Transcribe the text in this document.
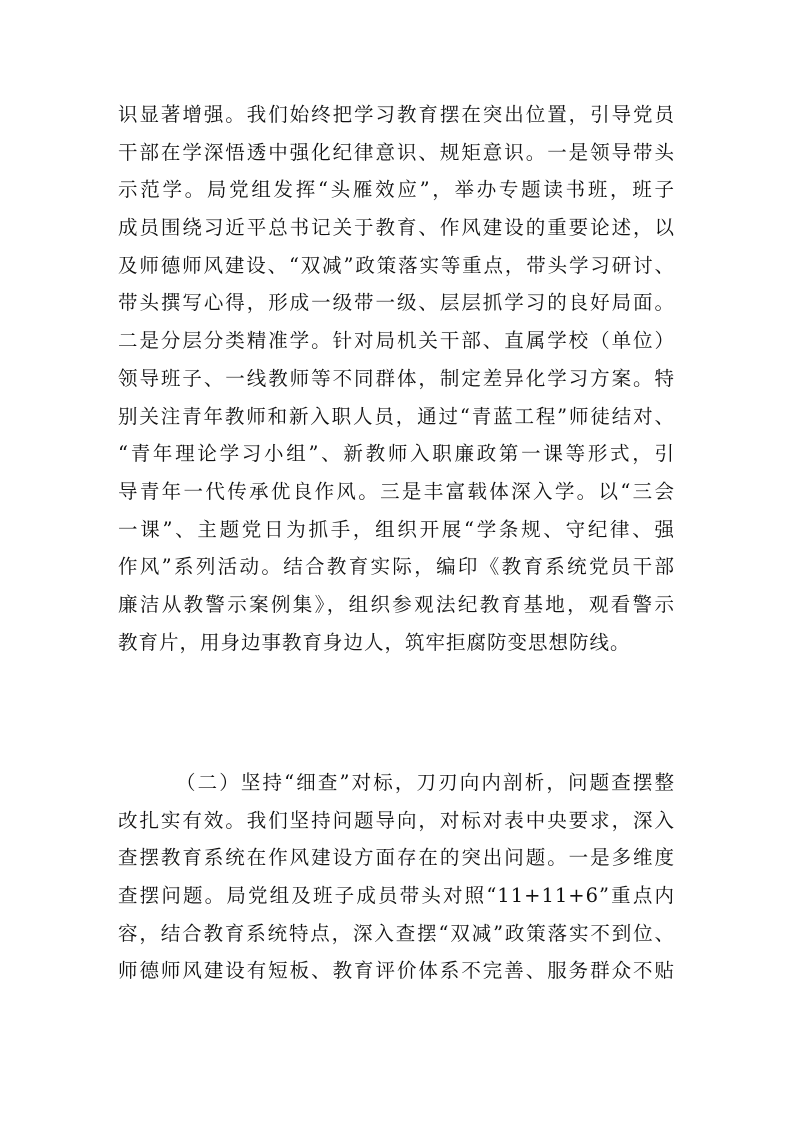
识显著增强。我们始终把学习教育摆在突出位置，引导党员
干部在学深悟透中强化纪律意识、规矩意识。一是领导带头
示范学。局党组发挥“头雁效应”，举办专题读书班，班子
成员围绕习近平总书记关于教育、作风建设的重要论述，以
及师德师风建设、“双减”政策落实等重点，带头学习研讨、
带头撰写心得，形成一级带一级、层层抓学习的良好局面。
二是分层分类精准学。针对局机关干部、直属学校（单位）
领导班子、一线教师等不同群体，制定差异化学习方案。特
别关注青年教师和新入职人员，通过“青蓝工程”师徒结对、
“青年理论学习小组”、新教师入职廉政第一课等形式，引
导青年一代传承优良作风。三是丰富载体深入学。以“三会
一课”、主题党日为抓手，组织开展“学条规、守纪律、强
作风”系列活动。结合教育实际，编印《教育系统党员干部
廉洁从教警示案例集》，组织参观法纪教育基地，观看警示
教育片，用身边事教育身边人，筑牢拒腐防变思想防线。
（二）坚持“细查”对标，刀刃向内剖析，问题查摆整
改扎实有效。我们坚持问题导向，对标对表中央要求，深入
查摆教育系统在作风建设方面存在的突出问题。一是多维度
查摆问题。局党组及班子成员带头对照“11+11+6”重点内
容，结合教育系统特点，深入查摆“双减”政策落实不到位、
师德师风建设有短板、教育评价体系不完善、服务群众不贴
